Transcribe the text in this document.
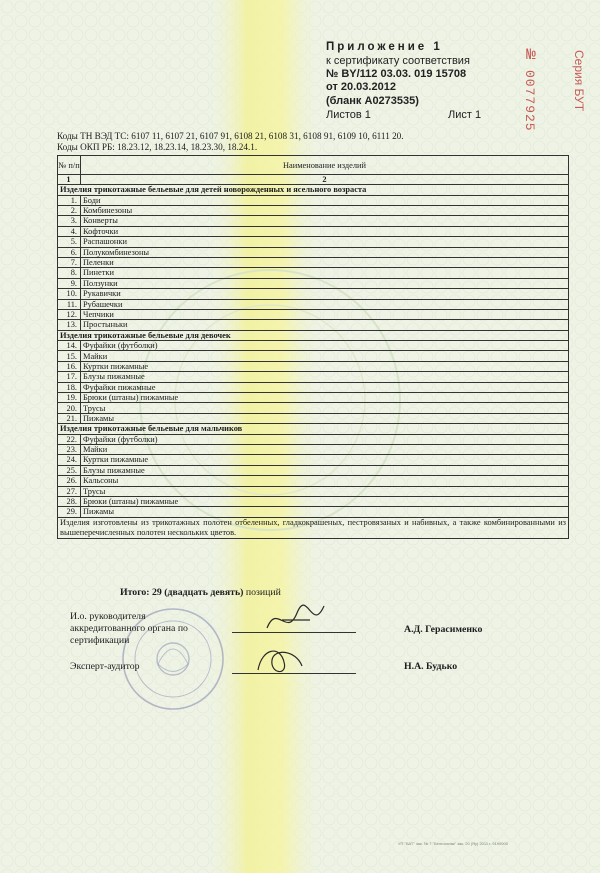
Серия БУТ
№
0077925
Приложение 1
к сертификату соответствия
№ BY/112 03.03. 019 15708
от 20.03.2012
(бланк А0273535)
Листов 1	Лист 1
Коды ТН ВЭД ТС: 6107 11, 6107 21, 6107 91, 6108 21, 6108 31, 6108 91, 6109 10, 6111 20.
Коды ОКП РБ: 18.23.12, 18.23.14, 18.23.30, 18.24.1.
№ п/п	Наименование изделий
1	2
Изделия трикотажные бельевые для детей новорожденных и ясельного возраста	
1.	Боди
2.	Комбинезоны
3.	Конверты
4.	Кофточки
5.	Распашонки
6.	Полукомбинезоны
7.	Пеленки
8.	Пинетки
9.	Ползунки
10.	Рукавички
11.	Рубашечки
12.	Чепчики
13.	Простыньки
Изделия трикотажные бельевые для девочек	
14.	Фуфайки (футболки)
15.	Майки
16.	Куртки пижамные
17.	Блузы пижамные
18.	Фуфайки пижамные
19.	Брюки (штаны) пижамные
20.	Трусы
21.	Пижамы
Изделия трикотажные бельевые для мальчиков	
22.	Фуфайки (футболки)
23.	Майки
24.	Куртки пижамные
25.	Блузы пижамные
26.	Кальсоны
27.	Трусы
28.	Брюки (штаны) пижамные
29.	Пижамы
Изделия изготовлены из трикотажных полотен отбеленных, гладкокрашеных, пестровязаных и набивных, а также комбинированными из вышеперечисленных полотен нескольких цветов.	
Итого: 29 (двадцать девять) позиций
И.о. руководителя
аккредитованного органа по
сертификации
А.Д. Герасименко
Эксперт-аудитор	Н.А. Будько
УП "БАТ" зак. № 7 "Белгосзнак" зак. 20 (Яу) 2011 г. 9190000
